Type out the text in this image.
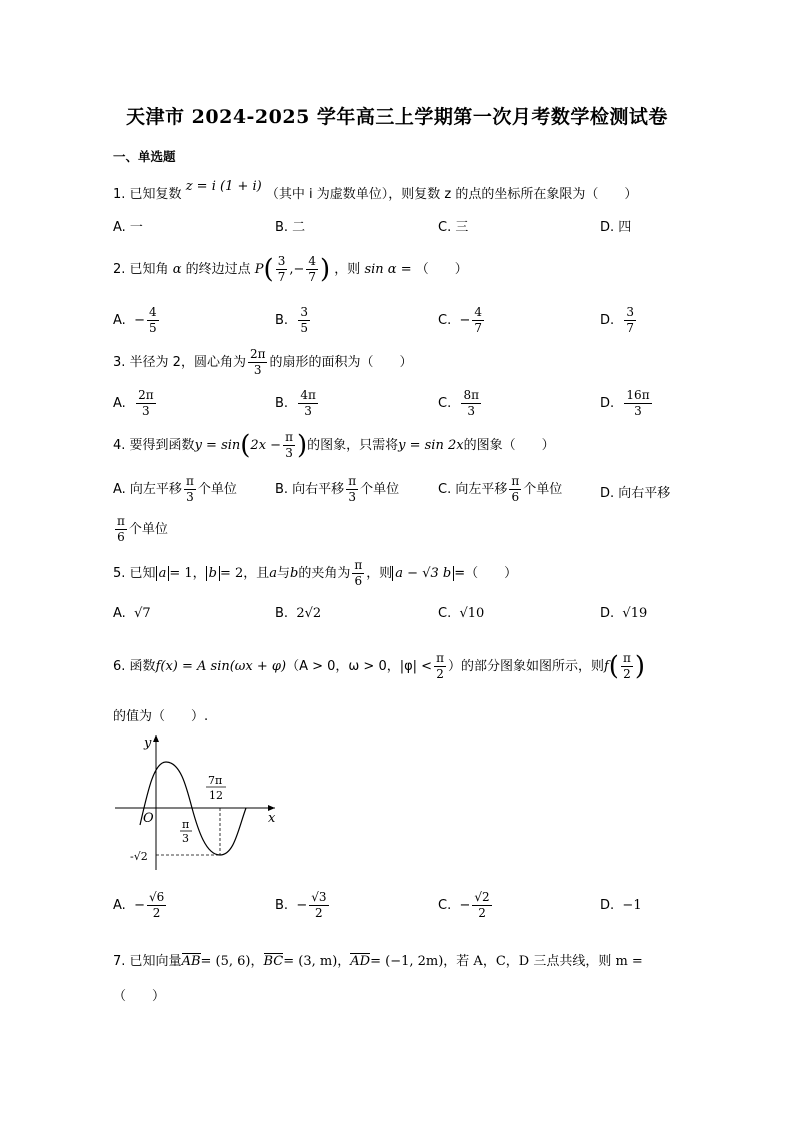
天津市 2024-2025 学年高三上学期第一次月考数学检测试卷
一、单选题
1. 已知复数 z = i (1 + i) （其中 i 为虚数单位），则复数 z 的点的坐标所在象限为（　　）
A. 一	B. 二	C. 三	D. 四
2. 已知角 α 的终边过点 $P( \frac{3}{7}$ ,− $\frac{4}{7}$ ) ，则 sin α = （　　）
A. − $\frac{4}{5}$	B. $\frac{3}{5}$	C. − $\frac{4}{7}$	D. $\frac{3}{7}$
3. 半径为 2，圆心角为 $\frac{2\pi}{3}$ 的扇形的面积为（　　）
A. $\frac{2\pi}{3}$	B. $\frac{4\pi}{3}$	C. $\frac{8\pi}{3}$	D. $\frac{16\pi}{3}$
4. 要得到函数$y = \sin(2x - \frac{\pi}{3}$ )的图象，只需将y = sin 2x的图象（　　）
A. 向左平移 $\frac{\pi}{3}$ 个单位	B. 向右平移 $\frac{\pi}{3}$ 个单位	C. 向左平移 $\frac{\pi}{6}$ 个单位	D. 向右平移
$\frac{\pi}{6}$ 个单位
5. 已知 a = 1， b = 2，且a与b的夹角为 $\frac{\pi}{6}$ ，则 a − √3 b =（　　）
A. √7	B. 2√2	C. √10	D. √19
6. 函数f(x) = A sin(ωx + φ)（A > 0，ω > 0，$|\varphi| < \frac{\pi}{2}$ ）的部分图象如图所示，则$f( \frac{\pi}{2}$ )
的值为（　　）.
y
x
O	π
3
7π
12
-√2
A. − $\frac{√6}{2}$	B. − $\frac{√3}{2}$	C. − $\frac{√2}{2}$	D. −1
7. 已知向量AB= (5, 6)，BC= (3, m)，AD= (−1, 2m)，若 A，C，D 三点共线，则 m =
（　　）
